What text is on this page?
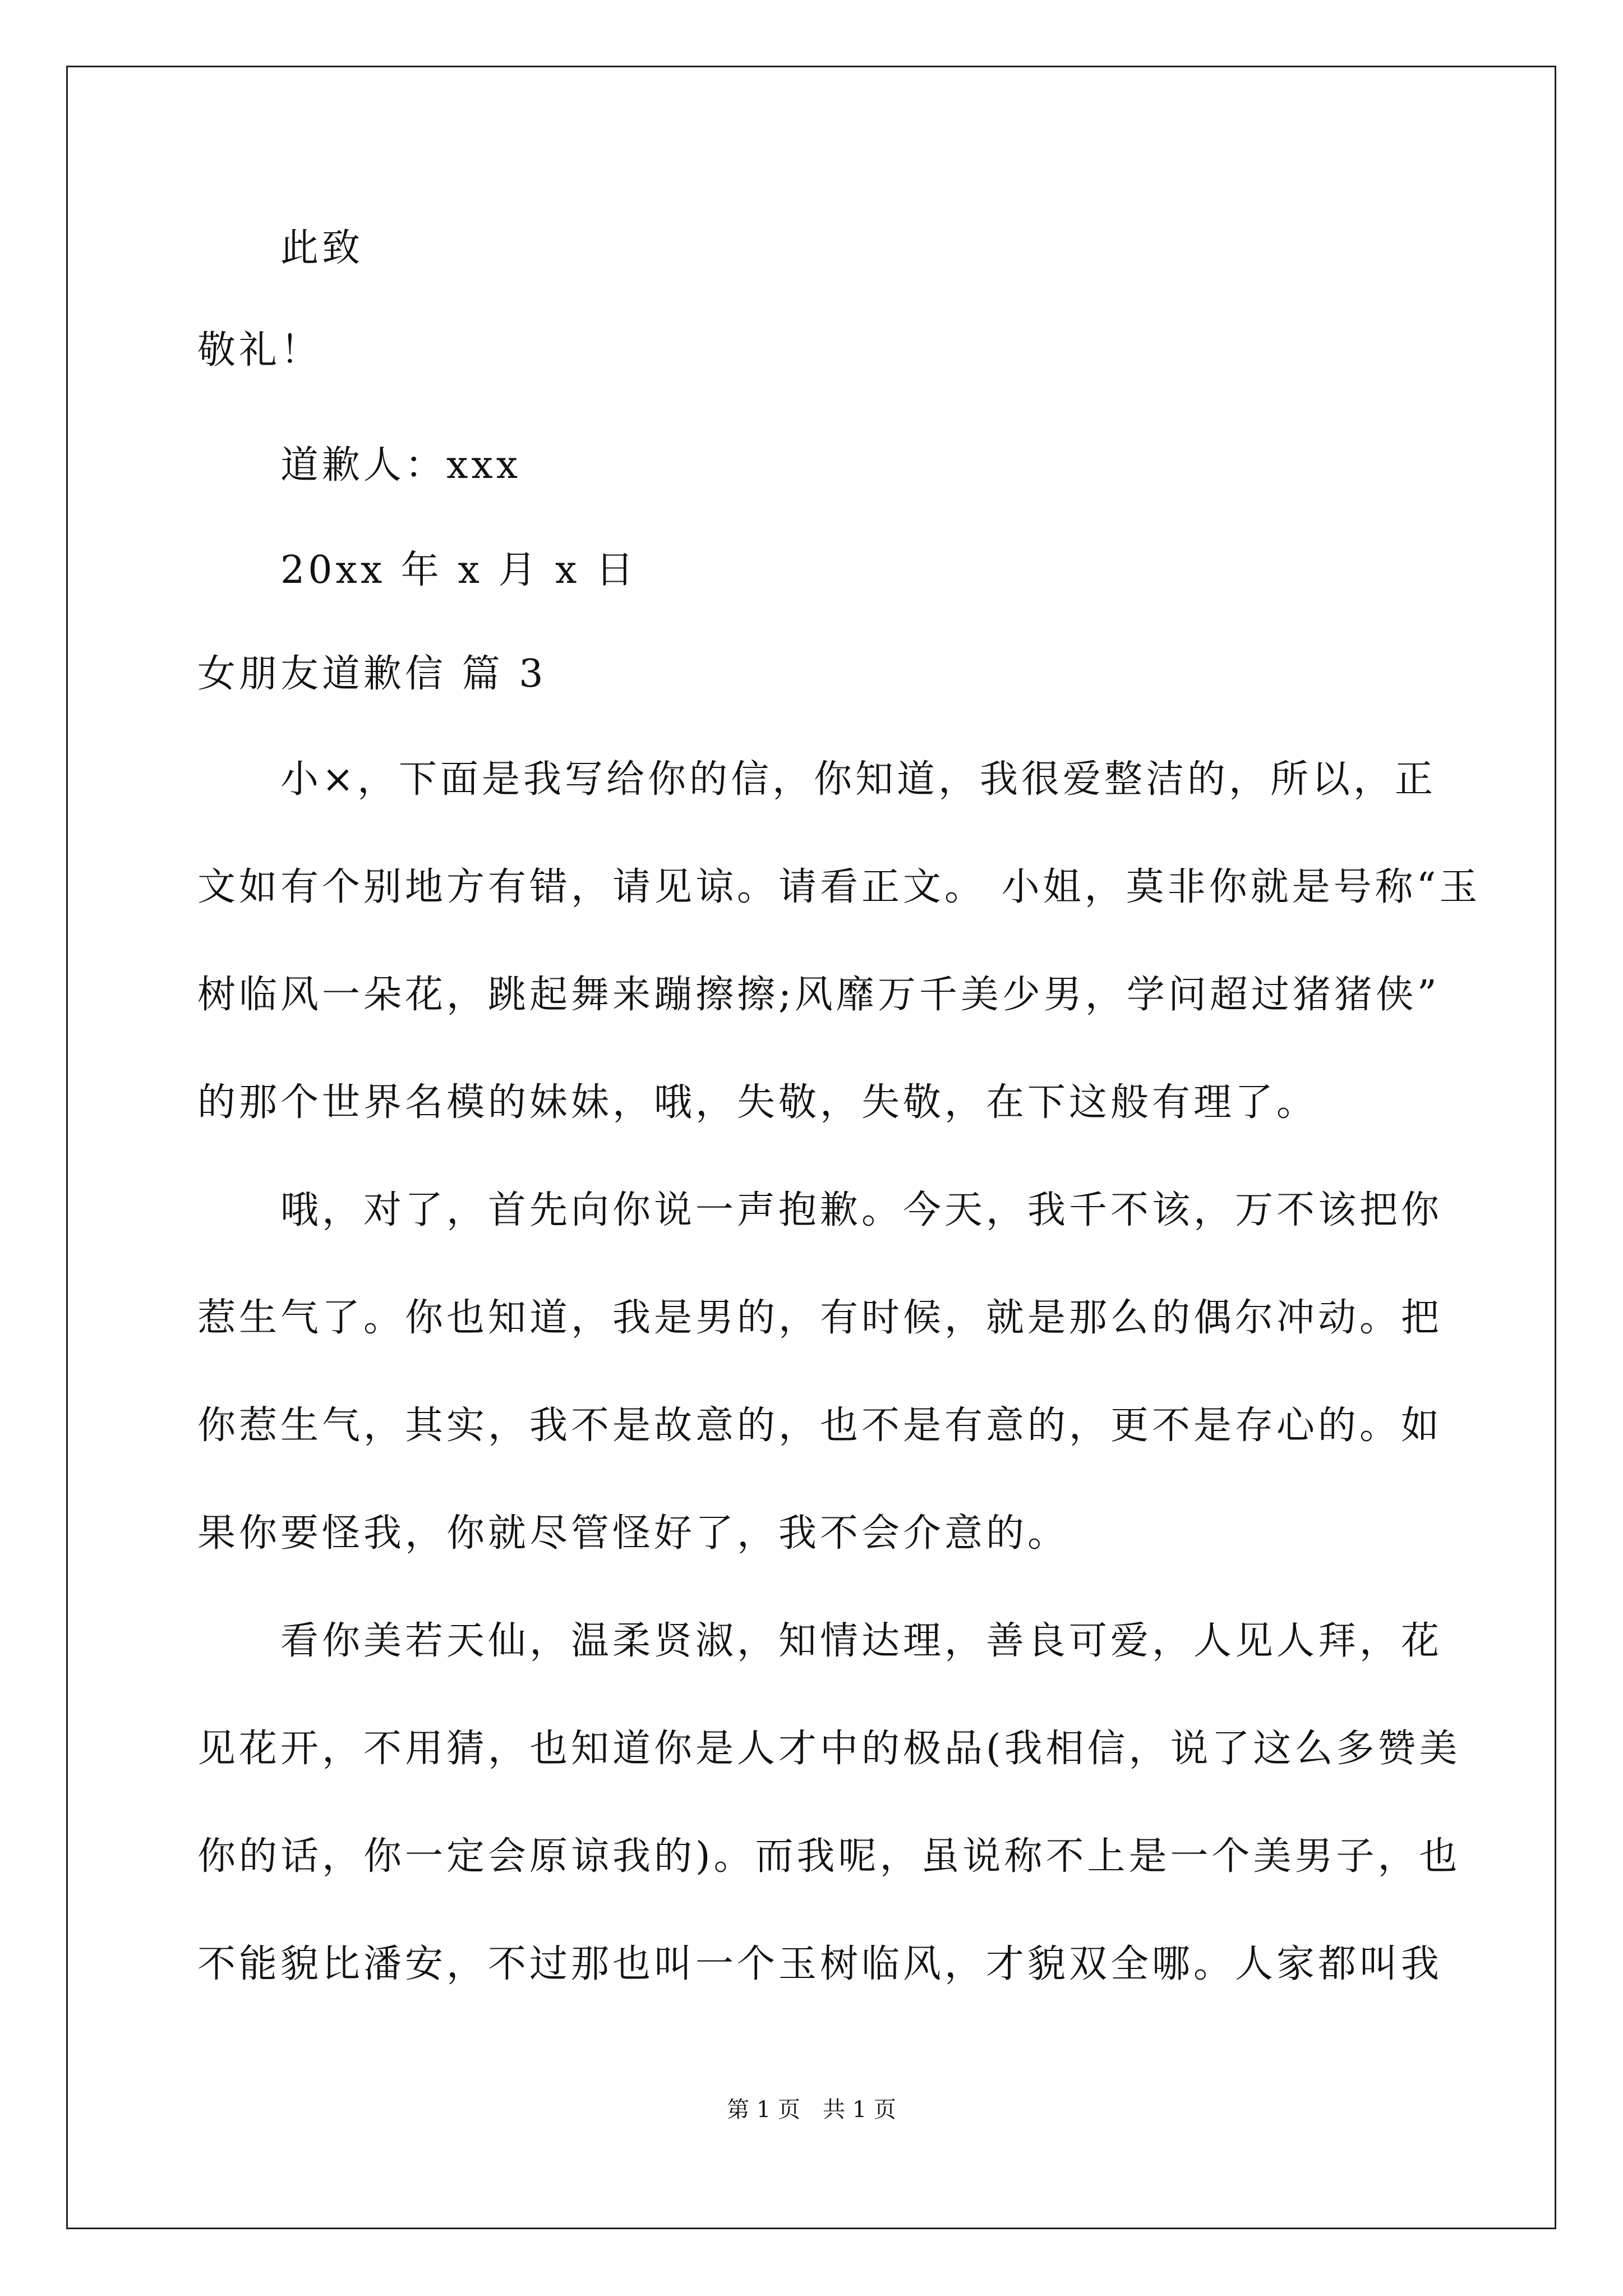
此致
敬礼！
道歉人：xxx
20xx 年 x 月 x 日
女朋友道歉信 篇 3
小×，下面是我写给你的信，你知道，我很爱整洁的，所以，正
文如有个别地方有错，请见谅。请看正文。 小姐，莫非你就是号称“玉
树临风一朵花，跳起舞来蹦擦擦;风靡万千美少男，学问超过猪猪侠”
的那个世界名模的妹妹，哦，失敬，失敬，在下这般有理了。
哦，对了，首先向你说一声抱歉。今天，我千不该，万不该把你
惹生气了。你也知道，我是男的，有时候，就是那么的偶尔冲动。把
你惹生气，其实，我不是故意的，也不是有意的，更不是存心的。如
果你要怪我，你就尽管怪好了，我不会介意的。
看你美若天仙，温柔贤淑，知情达理，善良可爱，人见人拜，花
见花开，不用猜，也知道你是人才中的极品(我相信，说了这么多赞美
你的话，你一定会原谅我的)。而我呢，虽说称不上是一个美男子，也
不能貌比潘安，不过那也叫一个玉树临风，才貌双全哪。人家都叫我
第 1 页　共 1 页
